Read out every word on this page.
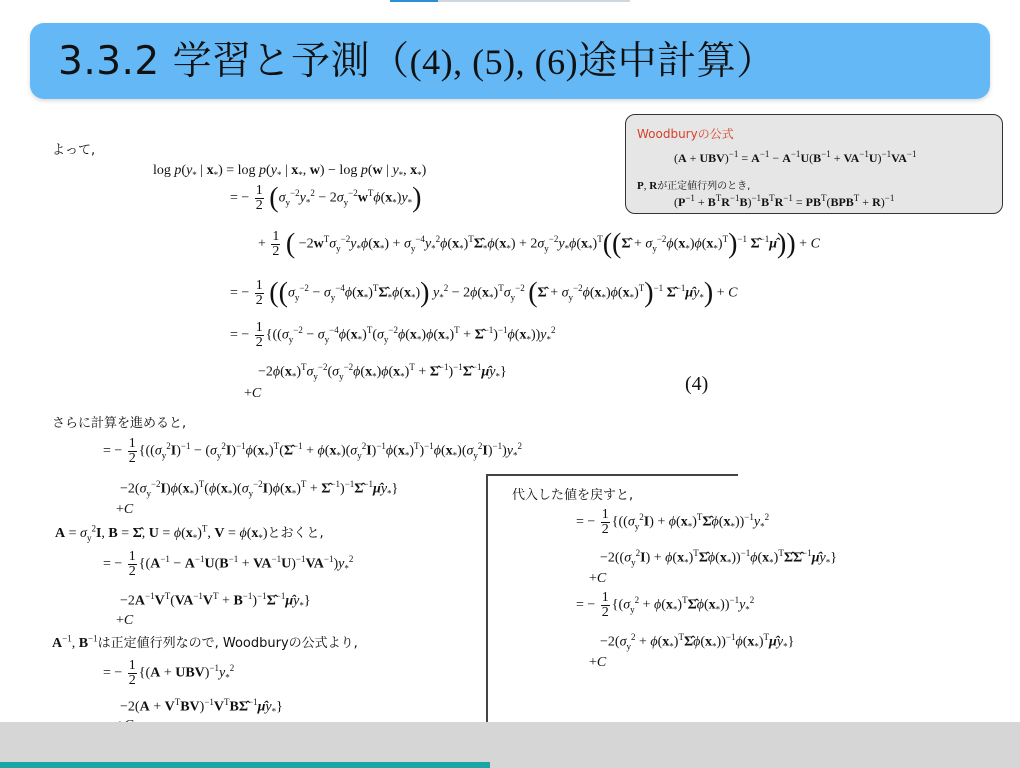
3.3.2 学習と予測（(4), (5), (6)途中計算）
Woodburyの公式
$(A + UBV)^{-1} = A^{-1} - A^{-1}U(B^{-1} + VA^{-1}U)^{-1}VA^{-1}$
P, Rが正定値行列のとき,
$(P^{-1} + B^TR^{-1}B)^{-1}B^TR^{-1} = PB^T(BPB^T + R)^{-1}$
よって,
$\log p(y_*$ | $x_*) = \log p(y_*$ | $x_*$, w) − log p(w | $y_*$, $x_*$)
= − $\frac{1}{2} (\sigma_y^{-2}y_*^2 - 2\sigma_y^{-2}w^T\phi(x_*)y_*)$
+ $\frac{1}{2}$ ( $-2w^T\sigma_y^{-2}y_*\phi(x_*)$ + $\sigma_y^{-4}y_*^2\phi(x_*)^T\Sigmâ_*\phi(x_*)$ + $2\sigma_y^{-2}y_*\phi(x_*)^T((\Sigmâ + \sigma_y^{-2}\phi(x_*)\phi(x_*)^T)^{-1}$ Σ̂$^{-1}$μ̂)) + C
= − $\frac{1}{2} ((\sigma_y^{-2}$ − $\sigma_y^{-4}\phi(x_*)^T\Sigmâ_*\phi(x_*)$) $y_*^2 - 2\phi(x_*)^T\sigma_y^{-2}$ (Σ̂ + $\sigma_y^{-2}\phi(x_*)\phi(x_*)^T)^{-1}$ $\Sigmâ^{-1}\mûy_*) + C$
= − $\frac{1}{2} \{((\sigma_y^{-2} - \sigma_y^{-4}\phi(x_*)^T(\sigma_y^{-2}\phi(x_*)\phi(x_*)^T$ + $\Sigmâ^{-1})^{-1}\phi(x_*))y_*^2$
$-2\phi(x_*)^T\sigma_y^{-2}(\sigma_y^{-2}\phi(x_*)\phi(x_*)^T$ + $\Sigmâ^{-1})^{-1}\Sigmâ^{-1}\mûy_*$}
+C	(4)
さらに計算を進めると,
= − $\frac{1}{2} \{((\sigma_y^2I)^{-1}$ − $(\sigma_y^2I)^{-1}\phi(x_*)^T(\Sigmâ^{-1} + \phi(x_*)(\sigma_y^2I)^{-1}\phi(x_*)^T)^{-1}\phi(x_*)(\sigma_y^2I)^{-1})y_*^2$
$-2(\sigma_y^{-2}I)\phi(x_*)^T(\phi(x_*)(\sigma_y^{-2}I)\phi(x_*)^T$ + $\Sigmâ^{-1})^{-1}\Sigmâ^{-1}\mûy_*$}
+C
$A = \sigma_y^2I$, B = Σ̂, $U = \phi(x_*)^T$, $V = \phi(x_*)$とおくと,
= − $\frac{1}{2} \{(A^{-1} - A^{-1}U(B^{-1} + VA^{-1}U)^{-1}VA^{-1})y_*^2$
$-2A^{-1}V^T(VA^{-1}V^T$ + $B^{-1})^{-1}\Sigmâ^{-1}\mûy_*$}
+C
$A^{-1}$, $B^{-1}$は正定値行列なので, Woodburyの公式より,
= − $\frac{1}{2} \{(A + UBV)^{-1}y_*^2$
$-2(A + V^TBV)^{-1}V^TB\Sigmâ^{-1}\mûy_*$}
代入した値を戻すと,
= − $\frac{1}{2} \{((\sigma_y^2I)$ + $\phi(x_*)^T\Sigmâ\phi(x_*))^{-1}y_*^2$
$-2((\sigma_y^2I)$ + $\phi(x_*)^T\Sigmâ\phi(x_*))^{-1}\phi(x_*)^T\Sigmâ\Sigmâ^{-1}\mûy_*$}
+C
= − $\frac{1}{2} \{(\sigma_y^2$ + $\phi(x_*)^T\Sigmâ\phi(x_*))^{-1}y_*^2$
$-2(\sigma_y^2$ + $\phi(x_*)^T\Sigmâ\phi(x_*))^{-1}\phi(x_*)^T\mûy_*$}
+C
